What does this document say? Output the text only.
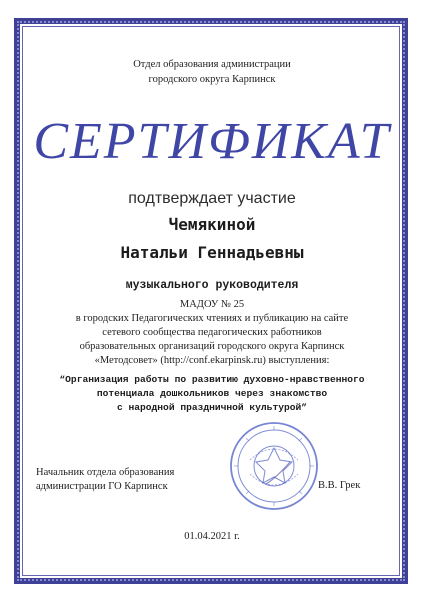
Отдел образования администрации
городского округа Карпинск
СЕРТИФИКАТ
подтверждает участие
Чемякиной
Натальи Геннадьевны
музыкального руководителя
МАДОУ № 25
в городских Педагогических чтениях и публикацию на сайте
сетевого сообщества педагогических работников
образовательных организаций городского округа Карпинск
«Методсовет» (http://conf.ekarpinsk.ru) выступления:
“Организация работы по развитию духовно-нравственного
потенциала дошкольников через знакомство
с народной праздничной культурой”
Начальник отдела образования
администрации ГО Карпинск	В.В. Грек
01.04.2021 г.
